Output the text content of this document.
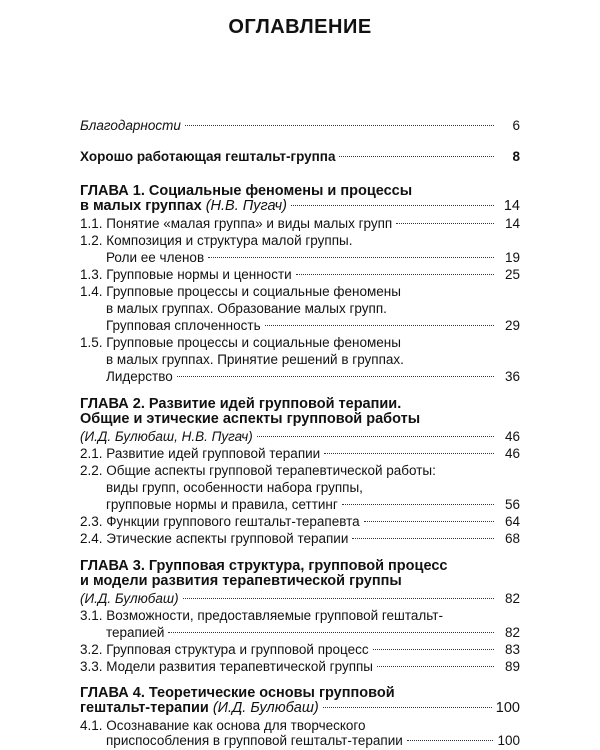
ОГЛАВЛЕНИЕ
Благодарности	6
Хорошо работающая гештальт-группа	8
ГЛАВА 1. Социальные феномены и процессы
в малых группах (Н.В. Пугач)	14
1.1. Понятие «малая группа» и виды малых групп	14
1.2. Композиция и структура малой группы.
Роли ее членов	19
1.3. Групповые нормы и ценности	25
1.4. Групповые процессы и социальные феномены
в малых группах. Образование малых групп.
Групповая сплоченность	29
1.5. Групповые процессы и социальные феномены
в малых группах. Принятие решений в группах.
Лидерство	36
ГЛАВА 2. Развитие идей групповой терапии.
Общие и этические аспекты групповой работы
(И.Д. Булюбаш, Н.В. Пугач)	46
2.1. Развитие идей групповой терапии	46
2.2. Общие аспекты групповой терапевтической работы:
виды групп, особенности набора группы,
групповые нормы и правила, сеттинг	56
2.3. Функции группового гештальт-терапевта	64
2.4. Этические аспекты групповой терапии	68
ГЛАВА 3. Групповая структура, групповой процесс
и модели развития терапевтической группы
(И.Д. Булюбаш)	82
3.1. Возможности, предоставляемые групповой гештальт-
терапией	82
3.2. Групповая структура и групповой процесс	83
3.3. Модели развития терапевтической группы	89
ГЛАВА 4. Теоретические основы групповой
гештальт-терапии (И.Д. Булюбаш)	100
4.1. Осознавание как основа для творческого
приспособления в групповой гештальт-терапии	100
